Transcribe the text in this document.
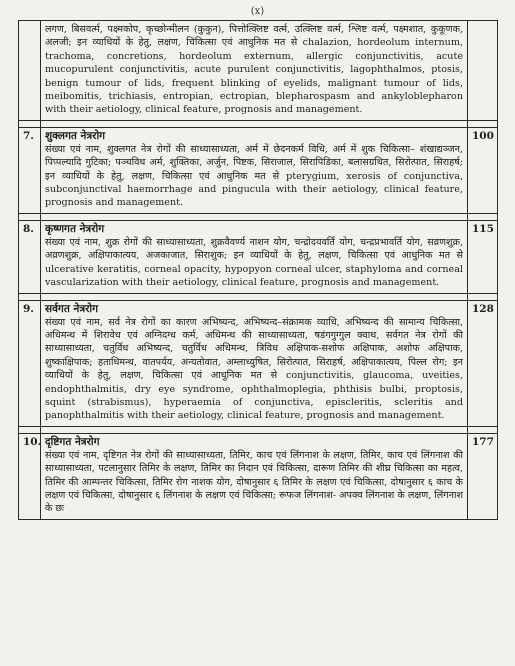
(x)

	लगण, बिसवर्त्म, पक्ष्मकोप, कृच्छोन्मीलन (कुकुन), पित्तोत्क्लिष्ट वर्त्म, उत्क्लिष्ट वर्त्म, श्लिष्ट वर्त्म, पक्ष्मशात, कुकूणक, अलजी; इन व्याधियों के हेतु, लक्षण, चिकित्सा एवं आधुनिक मत से chalazion, hordeolum internum, trachoma, concretions, hordeolum externum, allergic conjunctivitis, acute mucopurulent conjunctivitis, acute purulent conjunctivitis, lagophthalmos, ptosis, benign tumour of lids, frequent blinking of eyelids, malignant tumour of lids, meibomitis, trichiasis, entropian, ectropian, blepharospasm and ankyloblepharon with their aetiology, clinical feature, prognosis and management.	

7.	शुक्लगत नेत्ररोग
संख्या एवं नाम, शुक्लगत नेत्र रोगों की साध्यासाध्यता, अर्म में छेदनकर्म विधि, अर्म में शुक चिकित्सा– शंखाद्यञ्जन, पिप्पल्यादि गुटिका; पञ्चविध अर्म, शुक्तिका, अर्जुन, पिष्टक, सिराजाल, सिरापिडिका, बलासग्रथित, सिरोत्पात, सिराहर्ष; इन व्याधियों के हेतु, लक्षण, चिकित्सा एवं आधुनिक मत से pterygium, xerosis of conjunctiva, subconjunctival haemorrhage and pingucula with their aetiology, clinical feature, prognosis and management.	100

8.	कृष्णगत नेत्ररोग
संख्या एवं नाम, शुक्र रोगों की साध्यासाध्यता, शुक्रवैवर्ण्य नाशन योग, चन्द्रोदयवर्ति योग, चन्द्रप्रभावर्ति योग, सव्रणशुक्र, अव्रणशुक्र, अक्षिपाकात्यय, अजकाजात, सिराशुक; इन व्याधियों के हेतु, लक्षण, चिकित्सा एवं आधुनिक मत से ulcerative keratitis, corneal opacity, hypopyon corneal ulcer, staphyloma and corneal vascularization with their aetiology, clinical feature, prognosis and management.	115

9.	सर्वगत नेत्ररोग
संख्या एवं नाम, सर्व नेत्र रोगों का कारण अभिष्यन्द, अभिष्यन्द–संक्रामक व्याधि, अभिष्यन्द की सामान्य चिकित्सा, अधिमन्थ में शिरावेध एवं अग्निदग्ध कर्म, अधिमन्थ की साध्यासाध्यता, षडंगगुग्गुल क्वाथ, सर्वगत नेत्र रोगों की साध्यासाध्यता, चतुर्विध अभिष्यन्द, चतुर्विध अधिमन्थ, त्रिविध अक्षिपाक-सशोफ अक्षिपाक, अशोफ अक्षिपाक, शुष्काक्षिपाक; हताधिमन्थ, वातपर्यय, अन्यतोवात, अम्लाध्युषित, सिरोत्पात, सिराहर्ष, अक्षिपाकात्यय, पिल्ल रोग; इन व्याधियों के हेतु, लक्षण, चिकित्सा एवं आधुनिक मत से conjunctivitis, glaucoma, uveities, endophthalmitis, dry eye syndrome, ophthalmoplegia, phthisis bulbi, proptosis, squint (strabismus), hyperaemia of conjunctiva, episcleritis, scleritis and panophthalmitis with their aetiology, clinical feature, prognosis and management.	128

10.	दृष्टिगत नेत्ररोग
संख्या एवं नाम, दृष्टिगत नेत्र रोगों की साध्यासाध्यता, तिमिर, काच एवं लिंगनाश के लक्षण, तिमिर, काच एवं लिंगनाश की साध्यासाध्यता, पटलानुसार तिमिर के लक्षण, तिमिर का निदान एवं चिकित्सा, दारूण तिमिर की शीघ्र चिकित्सा का महत्व, तिमिर की आम्पन्तर चिकित्सा, तिमिर रोग नाशक योग, दोषानुसार ६ तिमिर के लक्षण एवं चिकित्सा, दोषानुसार ६ काच के लक्षण एवं चिकित्सा, दोषानुसार ६ लिंगनाश के लक्षण एवं चिकित्सा; रूफज लिंगनाश- अपक्व लिंगनाश के लक्षण, लिंगनाश के छः	177
